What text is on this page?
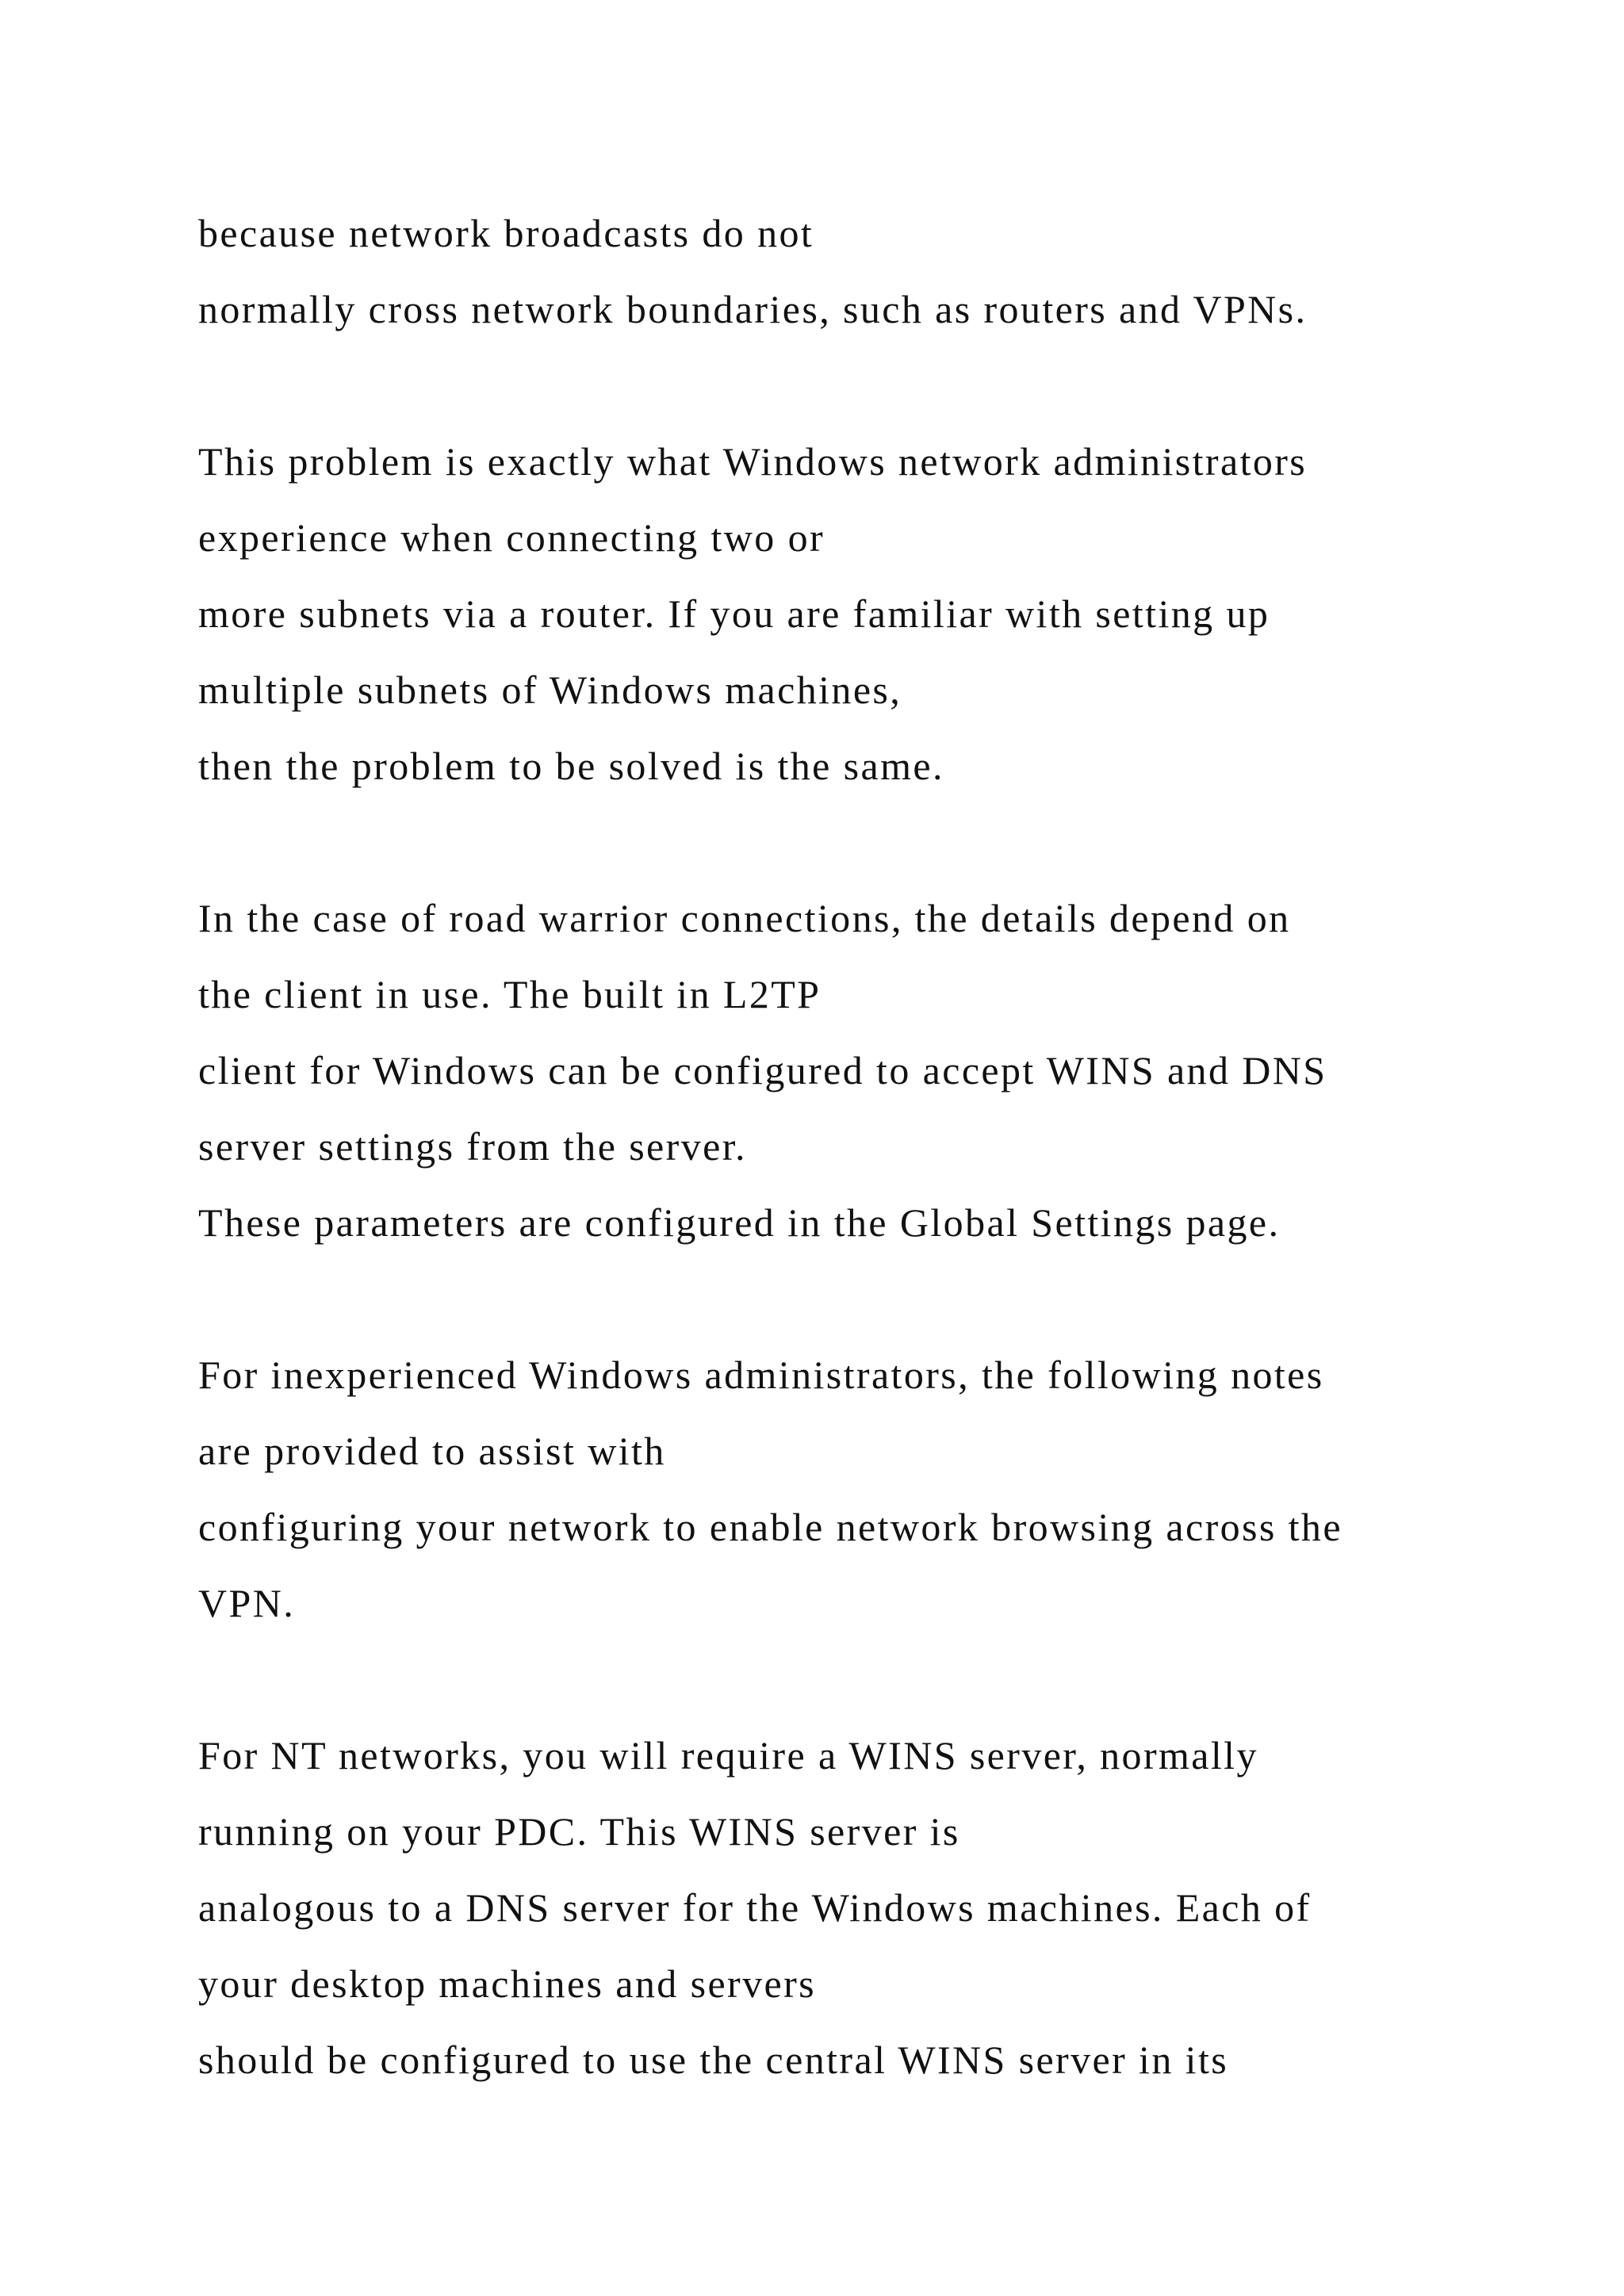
because network broadcasts do not
normally cross network boundaries, such as routers and VPNs.
This problem is exactly what Windows network administrators
experience when connecting two or
more subnets via a router. If you are familiar with setting up
multiple subnets of Windows machines,
then the problem to be solved is the same.
In the case of road warrior connections, the details depend on
the client in use. The built in L2TP
client for Windows can be configured to accept WINS and DNS
server settings from the server.
These parameters are configured in the Global Settings page.
For inexperienced Windows administrators, the following notes
are provided to assist with
configuring your network to enable network browsing across the
VPN.
For NT networks, you will require a WINS server, normally
running on your PDC. This WINS server is
analogous to a DNS server for the Windows machines. Each of
your desktop machines and servers
should be configured to use the central WINS server in its
